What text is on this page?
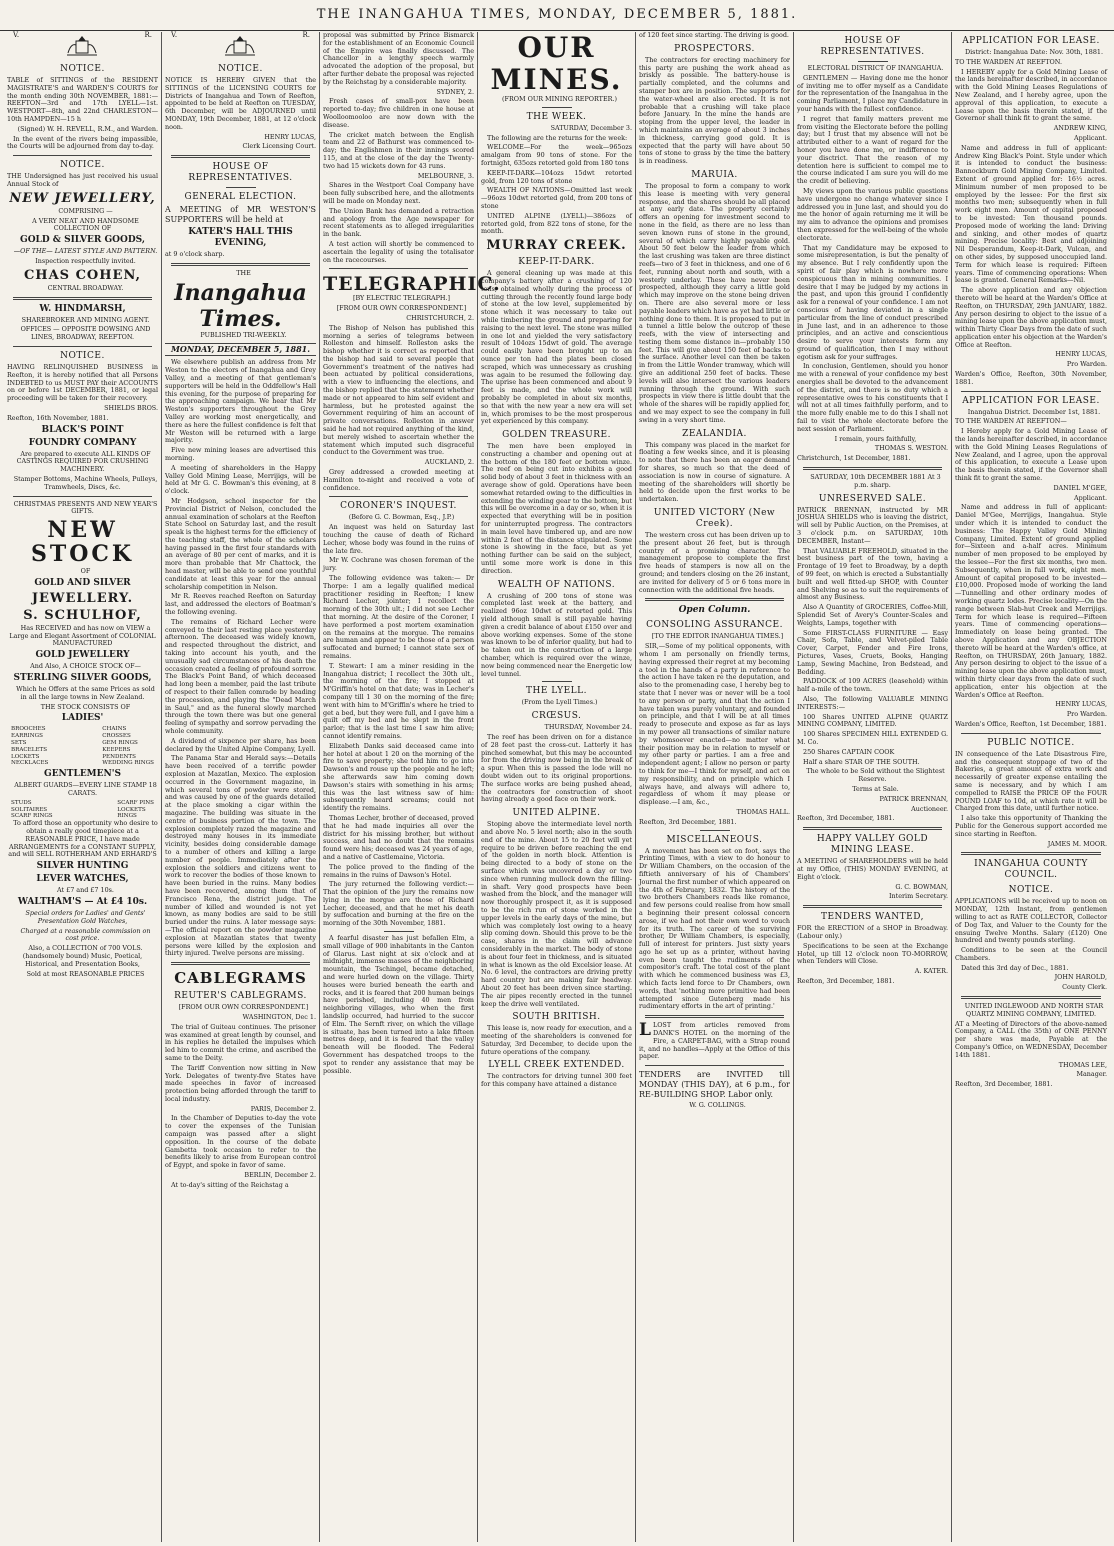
THE INANGAHUA TIMES, MONDAY, DECEMBER 5, 1881.
V.	R.
NOTICE.

TABLE of SITTINGS of the RESIDENT MAGISTRATE'S and WARDEN'S COURTS for the month ending 30th NOVEMBER, 1881:— REEFTON—3rd and 17th LYELL—1st. WESTPORT—8th, and 22nd CHARLESTON—10th HAMPDEN—15 h

(Signed) W. H. REVELL, R.M., and Warden.

In the event of the rivers being impassible, the Courts will be adjourned from day to-day.

NOTICE.

THE Undersigned has just received his usual Annual Stock of

NEW JEWELLERY,

COMPRISING —

A VERY NEAT AND HANDSOME COLLECTION OF

GOLD & SILVER GOODS,

—OF THE— LATEST STYLE AND PATTERN.

Inspection respectfully invited.

CHAS COHEN,

CENTRAL BROADWAY.

W. HINDMARSH,

SHAREBROKER AND MINING AGENT.

OFFICES — OPPOSITE DOWSING AND LINES, BROADWAY, REEFTON.

NOTICE.

HAVING RELINQUISHED BUSINESS in Reefton, it is hereby notified that all Persons INDEBTED to us MUST PAY their ACCOUNTS on or before 1st DECEMBER, 1881, or legal proceeding will be taken for their recovery.

SHIELDS BROS.

Reefton, 16th November, 1881.

BLACK'S POINT
FOUNDRY COMPANY

Are prepared to execute ALL KINDS OF CASTINGS REQUIRED FOR CRUSHING MACHINERY.

Stamper Bottoms, Machine Wheels, Pulleys, Tramwheels, Discs, &c.

CHRISTMAS PRESENTS AND NEW YEAR'S GIFTS.

NEW STOCK

OF

GOLD AND SILVER
JEWELLERY.
S. SCHULHOF,

Has RECEIVED and has now on VIEW a Large and Elegant Assortment of COLONIAL MANUFACTURED

GOLD JEWELLERY

And Also, A CHOICE STOCK OF—

STERLING SILVER GOODS,

Which he Offers at the same Prices as sold in all the large towns in New Zealand.

THE STOCK CONSISTS OF

LADIES'
BROOCHES
EARRINGS
SETS
BRACELETS
LOCKETS
NECKLACES
CHAINS
CROSSES
GEM RINGS
KEEPERS
PENDENTS
WEDDING RINGS
GENTLEMEN'S

ALBERT GUARDS—EVERY LINE STAMP 18 CARATS.

STUDS
SOLITAIRES
SCARF RINGS
SCARF PINS
LOCKETS
RINGS

To afford those an opportunity who desire to obtain a really good timepiece at a REASONABLE PRICE, I have made ARRANGEMENTS for a CONSTANT SUPPLY, and will SELL ROTHERHAM AND ERHARD'S

SILVER HUNTING
LEVER WATCHES,

At £7 and £7 10s.

WALTHAM'S — At £4 10s.

Special orders for Ladies' and Gents' Presentation Gold Watches,

Charged at a reasonable commission on cost price.

Also, a COLLECTION of 700 VOLS. (handsomely bound) Music, Poetical, Historical, and Presentation Books,

Sold at most REASONABLE PRICES

V.	R.
NOTICE.

NOTICE IS HEREBY GIVEN that the SITTINGS of the LICENSING COURTS for Districts of Inangahua and Town of Reefton, appointed to be held at Reefton on TUESDAY, 6th December, will be ADJOURNED until MONDAY, 19th December, 1881, at 12 o'clock noon.

HENRY LUCAS,

Clerk Licensing Court.

HOUSE OF REPRESENTATIVES.
GENERAL ELECTION.

A MEETING of MR WESTON'S SUPPORTERS will be held at

KATER'S HALL THIS EVENING,

at 9 o'clock sharp.

THE

Inangahua Times.

PUBLISHED TRI-WEEKLY.

MONDAY, DECEMBER 5, 1881.

We elsewhere publish an address from Mr Weston to the electors of Inangahua and Grey Valley, and a meeting of that gentleman's supporters will be held in the Oddfellow's Hall this evening, for the purpose of preparing for the approaching campaign. We hear that Mr Weston's supporters throughout the Grey Valley are working most energetically, and there as here the fullest confidence is felt that Mr Weston will be returned with a large majority.

Five new mining leases are advertised this morning.

A meeting of shareholders in the Happy Valley Gold Mining Lease, Merrijigs, will be held at Mr G. C. Bowman's this evening, at 8 o'clock.

Mr Hodgson, school inspector for the Provincial District of Nelson, concluded the annual examination of scholars at the Reefton State School on Saturday last, and the result speak is the highest terms for the efficiency of the teaching staff, the whole of the scholars having passed in the first four standards with an average of 80 per cent of marks, and it is more than probable that Mr Chattock, the head master, will be able to send one youthful candidate at least this year for the annual scholarship competition in Nelson.

Mr R. Reeves reached Reefton on Saturday last, and addressed the electors of Boatman's the following evening.

The remains of Richard Lecher were conveyed to their last resting place yesterday afternoon. The deceased was widely known, and respected throughout the district, and taking into account his youth, and the unusually sad circumstances of his death the occasion created a feeling of profound sorrow. The Black's Point Band, of which deceased had long been a member, paid the last tribute of respect to their fallen comrade by heading the procession, and playing the "Dead March in Saul," and as the funeral slowly marched through the town there was but one general feeling of sympathy and sorrow pervading the whole community.

A dividend of sixpence per share, has been declared by the United Alpine Company, Lyell.

The Panama Star and Herald says:—Details have been received of a terrific powder explosion at Mazatlan, Mexico. The explosion occurred in the Government magazine, in which several tons of powder were stored, and was caused by one of the guards detailed at the place smoking a cigar within the magazine. The building was situate in the centre of business portion of the town. The explosion completely razed the magazine and destroyed many houses in its immediate vicinity, besides doing considerable damage to a number of others and killing a large number of people. Immediately after the explosion the soldiers and citizens went to work to recover the bodies of those known to have been buried in the ruins. Many bodies have been recovered, among them that of Francisco Rena, the district judge. The number of killed and wounded is not yet known, as many bodies are said to be still buried under the ruins. A later message says:—The official report on the powder magazine explosion at Mazatlan states that twenty persons were killed by the explosion and thirty injured. Twelve persons are missing.

CABLEGRAMS
REUTER'S CABLEGRAMS.

[FROM OUR OWN CORRESPONDENT.]

WASHINGTON, Dec 1.

The trial of Guiteau continues. The prisoner was examined at great length by counsel, and in his replies he detailed the impulses which led him to commit the crime, and ascribed the same to the Deity.

The Tariff Convention now sitting in New York. Delegates of twenty-five States have made speeches in favor of increased protection being afforded through the tariff to local industry.

PARIS, December 2.

In the Chamber of Deputies to-day the vote to cover the expenses of the Tunisian campaign was passed after a slight opposition. In the course of the debate Gambetta took occasion to refer to the benefits likely to arise from European control of Egypt, and spoke in favor of same.

BERLIN, December 2.

At to-day's sitting of the Reichstag a

proposal was submitted by Prince Bismarck for the establishment of an Economic Council of the Empire was finally discussed. The Chancellor in a lengthy speech warmly advocated the adoption of the proposal, but after further debate the proposal was rejected by the Reichstag by a considerable majority.

SYDNEY, 2.

Fresh cases of small-pox have been reported to-day; five children in one house at Woolloomooloo are now down with the disease.

The cricket match between the English team and 22 of Bathurst was commenced to-day; the Englishmen in their innings scored 115, and at the close of the day the Twenty-two had 15 wickets down for 43 runs.

MELBOURNE, 3.

Shares in the Westport Coal Company have been fully subscribed here, and the allotments will be made on Monday next.

The Union Bank has demanded a retraction and apology from the Age newspaper for recent statements as to alleged irregularities in the bank.

A test action will shortly be commenced to ascertain the legality of using the totalisator on the racecourses.

TELEGRAPHIC.

[BY ELECTRIC TELEGRAPH.]

[FROM OUR OWN CORRESPONDENT.]

CHRISTCHURCH, 2.

The Bishop of Nelson has published this morning a series of telegrams between Rolleston and himself. Rolleston asks the bishop whether it is correct as reported that the bishop had said to several people that Government's treatment of the natives had been actuated by political considerations, with a view to influencing the elections, and the bishop replied that the statement whether made or not appeared to him self evident and harmless, but he protested against the Government requiring of him an account of private conversations. Rolleston in answer said he had not required anything of the kind, but merely wished to ascertain whether the statement which imputed such disgraceful conduct to the Government was true.

AUCKLAND, 2.

Grey addressed a crowded meeting at Hamilton to-night and received a vote of confidence.

CORONER'S INQUEST.

(Before G. C. Bowman, Esq., J.P.)

An inquest was held on Saturday last touching the cause of death of Richard Lecher, whose body was found in the ruins of the late fire.

Mr W. Cochrane was chosen foreman of the jury.

The following evidence was taken:— Dr Thorpe: I am a legally qualified medical practitioner residing in Reefton; I knew Richard Lecher, jointer; I recollect the morning of the 30th ult.; I did not see Lecher that morning. At the desire of the Coroner, I have performed a post mortem examination on the remains at the morgue. The remains are human and appear to be those of a person suffocated and burned; I cannot state sex of remains.

T. Stewart: I am a miner residing in the Inangahua district; I recollect the 30th ult., the morning of the fire; I stopped at M'Griffin's hotel on that date; was in Lecher's company till 1 30 on the morning of the fire; went with him to M'Griffin's where he tried to get a bed, but they were full, and I gave him a quilt off my bed and he slept in the front parlor; that is the last time I saw him alive; cannot identify remains.

Elizabeth Danks said deceased came into her hotel at about 1 20 on the morning of the fire to save property; she told him to go into Dawson's and rouse up the people and he left; she afterwards saw him coming down Dawson's stairs with something in his arms; this was the last witness saw of him: subsequently heard screams; could not identify the remains.

Thomas Lecher, brother of deceased, proved that he had made inquiries all over the district for his missing brother, but without success, and had no doubt that the remains found were his; deceased was 24 years of age, and a native of Castlemaine, Victoria.

The police proved to the finding of the remains in the ruins of Dawson's Hotel.

The jury returned the following verdict:—That the opinion of the jury the remains now lying in the morgue are those of Richard Lecher, deceased, and that he met his death by suffocation and burning at the fire on the morning of the 30th November, 1881.

A fearful disaster has just befallen Elm, a small village of 900 inhabitants in the Canton of Glarus. Last night at six o'clock and at midnight, immense masses of the neighboring mountain, the Tschingel, became detached, and were hurled down on the village. Thirty houses were buried beneath the earth and rocks, and it is feared that 200 human beings have perished, including 40 men from neighboring villages, who when the first landslip occurred, had hurried to the succor of Elm. The Sernft river, on which the village is situate, has been turned into a lake fifteen metres deep, and it is feared that the valley beneath will be flooded. The Federal Government has despatched troops to the spot to render any assistance that may be possible.

OUR MINES.

(FROM OUR MINING REPORTER.)

THE WEEK.

SATURDAY, December 3.

The following are the returns for the week:

WELCOME—For the week—965ozs amalgam from 90 tons of stone. For the fortnight, 635ozs retorted gold from 180 tons

KEEP-IT-DARK—104ozs 15dwt retorted gold, from 120 tons of stone

WEALTH OF NATIONS—Omitted last week—96ozs 10dwt retorted gold, from 200 tons of stone

UNITED ALPINE (LYELL)—386ozs of retorted gold, from 822 tons of stone, for the month.

MURRAY CREEK.
KEEP-IT-DARK.

A general cleaning up was made at this company's battery after a crushing of 120 tons, obtained wholly during the process of cutting through the recently found large body of stone at the low level, supplemented by stone which it was necessary to take out while timbering the ground and preparing for raising to the next level. The stone was milled in one lot and yielded the very satisfactory result of 104ozs 15dwt of gold. The average could easily have been brought up to an ounce per ton had the plates been closed scraped, which was unnecessary as crushing was again to be resumed the following day. The uprise has been commenced and about 9 feet is made, and the whole work will probably be completed in about six months, so that with the new year a new era will set in, which promises to be the most prosperous yet experienced by this company.

GOLDEN TREASURE.

The men have been employed in constructing a chamber and opening out at the bottom of the 180 feet or bottom winze. The reef on being cut into exhibits a good solid body of about 3 feet in thickness with an average show of gold. Operations have been somewhat retarded owing to the difficulties in extending the winding gear to the bottom, but this will be overcome in a day or so, when it is expected that everything will be in position for uninterrupted progress. The contractors in main level have timbered up, and are now within 2 feet of the distance stipulated. Some stone is showing in the face, but as yet nothing further can be said on the subject, until some more work is done in this direction.

WEALTH OF NATIONS.

A crushing of 200 tons of stone was completed last week at the battery, and realized 96oz 10dwt of retorted gold. This yield although small is still payable having given a credit balance of about £150 over and above working expenses. Some of the stone was known to be of inferior quality, but had to be taken out in the construction of a large chamber, which is required over the winze, now being commenced near the Energetic low level tunnel.

THE LYELL.

(From the Lyell Times.)

CRŒSUS.

THURSDAY, November 24.

The reef has been driven on for a distance of 28 feet past the cross-cut. Latterly it has pinched somewhat, but this may be accounted for from the driving now being in the break of a spur. When this is passed the lode will no doubt widen out to its original proportions. The surface works are being pushed ahead, the contractors for construction of shoot having already a good face on their work.

UNITED ALPINE.

Stoping above the intermediate level north and above No. 5 level north; also in the south end of the mine. About 15 to 20 feet will yet require to be driven before reaching the end of the golden in north block. Attention is being directed to a body of stone on the surface which was uncovered a day or two since when running mullock down the filling-in shaft. Very good prospects have been washed from the block, and the manager will now thoroughly prospect it, as it is supposed to be the rich run of stone worked in the upper levels in the early days of the mine, but which was completely lost owing to a heavy slip coming down. Should this prove to be the case, shares in the claim will advance considerably in the market. The body of stone is about four feet in thickness, and is situated in what is known as the old Excelsior lease. At No. 6 level, the contractors are driving pretty hard country but are making fair headway. About 20 feet has been driven since starting. The air pipes recently erected in the tunnel keep the drive well ventilated.

SOUTH BRITISH.

This lease is, now ready for execution, and a meeting of the shareholders is convened for Saturday, 3rd December, to decide upon the future operations of the company.

LYELL CREEK EXTENDED.

The contractors for driving tunnel 300 feet for this company have attained a distance

of 120 feet since starting. The driving is good.

PROSPECTORS.

The contractors for erecting machinery for this party are pushing the work ahead as briskly as possible. The battery-house is partially completed, and the columns and stamper box are in position. The supports for the water-wheel are also erected. It is not probable that a crushing will take place before January. In the mine the hands are stoping from the upper level, the leader in which maintains an average of about 3 inches in thickness, carrying good gold. It is expected that the party will have about 50 tons of stone to grass by the time the battery is in readiness.

MARUIA.

The proposal to form a company to work this lease is meeting with very general response, and the shares should be all placed at any early date. The property certainly offers an opening for investment second to none in the field, as there are no less than seven known runs of stone in the ground, several of which carry highly payable gold. About 50 feet below the leader from which the last crushing was taken are three distinct reefs—two of 3 feet in thickness, and one of 6 feet, running about north and south, with a westerly underlay. These have never been prospected, although they carry a little gold which may improve on the stone being driven on. There are also several more or less payable leaders which have as yet had little or nothing done to them. It is proposed to put in a tunnel a little below the outcrop of these reefs, with the view of intersecting and testing them some distance in—probably 150 feet. This will give about 150 feet of backs to the surface. Another level can then be taken in from the Little Wonder tramway, which will give an additional 250 feet of backs. These levels will also intersect the various leaders running through the ground. With such prospects in view there is little doubt that the whole of the shares will be rapidly applied for, and we may expect to see the company in full swing in a very short time.

ZEALANDIA.

This company was placed in the market for floating a few weeks since, and it is pleasing to note that there has been an eager demand for shares, so much so that the deed of association is now in course of signature. A meeting of the shareholders will shortly be held to decide upon the first works to be undertaken.

UNITED VICTORY (New Creek).

The western cross cut has been driven up to the present about 26 feet, but is through country of a promising character. The management propose to complete the first five heads of stampers is now all on the ground; and tenders closing on the 26 instant, are invited for delivery of 5 or 6 tons more in connection with the additional five heads.

Open Column.
CONSOLING ASSURANCE.

[TO THE EDITOR INANGAHUA TIMES.]

SIR,—Some of my political opponents, with whom I am personally on friendly terms, having expressed their regret at my becoming a tool in the hands of a party in reference to the action I have taken re the deputation, and also to the promenading case, I hereby beg to state that I never was or never will be a tool to any person or party, and that the action I have taken was purely voluntary, and founded on principle, and that I will be at all times ready to prosecute and expose as far as lays in my power all transactions of similar nature by whomsoever enacted—no matter what their position may be in relation to myself or my other party or parties. I am a free and independent agent; I allow no person or party to think for me—I think for myself, and act on my responsibility, and on principle which I always have, and always will adhere to, regardless of whom it may please or displease.—I am, &c.,

THOMAS HALL.

Reefton, 3rd December, 1881.

MISCELLANEOUS.

A movement has been set on foot, says the Printing Times, with a view to do honour to Dr William Chambers, on the occasion of the fiftieth anniversary of his of Chambers' Journal the first number of which appeared on the 4th of February, 1832. The history of the two brothers Chambers reads like romance, and few persons could realise from how small a beginning their present colossal concern arose, if we had not their own word to vouch for its truth. The career of the surviving brother, Dr William Chambers, is especially, full of interest for printers. Just sixty years ago he set up as a printer, without having even been taught the rudiments of the compositor's craft. The total cost of the plant with which he commenced business was £3, which facts lend force to Dr Chambers, own words, that 'nothing more primitive had been attempted since Gutenberg made his rudimentary efforts in the art of printing.'

LLOST from articles removed from DANK'S HOTEL on the morning of the Fire, a CARPET-BAG, with a Strap round it, and no handles—Apply at the Office of this paper.

TENDERS are INVITED till MONDAY (THIS DAY), at 6 p.m., for RE-BUILDING SHOP. Labor only.

W. G. COLLINGS.

HOUSE OF REPRESENTATIVES.

ELECTORAL DISTRICT OF INANGAHUA.

GENTLEMEN — Having done me the honor of inviting me to offer myself as a Candidate for the representation of the Inangahua in the coming Parliament, I place my Candidature in your hands with the fullest confidence.

I regret that family matters prevent me from visiting the Electorate before the polling day; but I trust that my absence will not be attributed either to a want of regard for the honor you have done me, or indifference to your disctrict. That the reason of my detention here is sufficient to compel me to the course indicated I am sure you will do me the credit of believing.

My views upon the various public questions have undergone no change whatever since I addressed you in June last, and should you do me the honor of again returning me it will be my aim to advance the opinions and promises then expressed for the well-being of the whole electorate.

That my Candidature may be exposed to some misrepresentation, is but the penalty of my absence. But I rely confidently upon the spirit of fair play which is nowhere more conspicuous than in mining communities. I desire that I may be judged by my actions in the past, and upon this ground I confidently ask for a renewal of your confidence. I am not conscious of having deviated in a single particular from the line of conduct prescribed in June last, and in an adherence to those principles, and an active and conscientious desire to serve your interests form any ground of qualification, then I may without egotism ask for your suffrages.

In conclusion, Gentlemen, should you honor me with a renewal of your confidence my best energies shall be devoted to the advancement of the district, and there is no duty which a representative owes to his constituents that I will not at all times faithfully perform, and to the more fully enable me to do this I shall not fail to visit the whole electorate before the next session of Parliament.

I remain, yours faithfully,

THOMAS S. WESTON.

Christchurch, 1st December, 1881.

SATURDAY, 10th DECEMBER 1881 At 3 p.m. sharp.

UNRESERVED SALE.

PATRICK BRENNAN, instructed by MR JOSHUA SHIELDS who is leaving the district, will sell by Public Auction, on the Premises, at 3 o'clock p.m. on SATURDAY, 10th DECEMBER, Instant—

That VALUABLE FREEHOLD, situated in the best business part of the town, having a Frontage of 19 feet to Broadway, by a depth of 99 feet, on which is erected a Substantially built and well fitted-up SHOP, with Counter and Shelving so as to suit the requirements of almost any Business.

Also A Quantity of GROCERIES, Coffee-Mill, Splendid Set of Avery's Counter-Scales and Weights, Lamps, together with

Some FIRST-CLASS FURNITURE — Easy Chair, Sofa, Table, and Velvet-piled Table Cover, Carpet, Fender and Fire Irons, Pictures, Vases, Cruets, Books, Hanging Lamp, Sewing Machine, Iron Bedstead, and Bedding.

PADDOCK of 109 ACRES (leasehold) within half a-mile of the town.

Also, The following VALUABLE MINING INTERESTS:—

100 Shares UNITED ALPINE QUARTZ MINING COMPANY, LIMITED.

100 Shares SPECIMEN HILL EXTENDED G. M. Co.

250 Shares CAPTAIN COOK

Half a share STAR OF THE SOUTH.

The whole to be Sold without the Slightest Reserve.

Terms at Sale.

PATRICK BRENNAN,

Auctioneer.

Reefton, 3rd December, 1881.

HAPPY VALLEY GOLD MINING LEASE.

A MEETING of SHAREHOLDERS will be held at my Office, (THIS) MONDAY EVENING, at Eight o'clock.

G. C. BOWMAN,

Interim Secretary.

TENDERS WANTED,

FOR the ERECTION of a SHOP in Broadway. (Labour only.)

Specifications to be seen at the Exchange Hotel, up till 12 o'clock noon TO-MORROW, when Tenders will Close.

A. KATER.

Reefton, 3rd December, 1881.

APPLICATION FOR LEASE.

District: Inangahua Date: Nov. 30th, 1881.

TO THE WARDEN AT REEFTON.

I HEREBY apply for a Gold Mining Lease of the lands hereinafter described, in accordance with the Gold Mining Leases Regulations of New Zealand, and I hereby agree, upon the approval of this application, to execute a Lease upon the basis therein stated, if the Governor shall think fit to grant the same.

ANDREW KING,

Applicant.

Name and address in full of applicant: Andrew King Black's Point. Style under which it is intended to conduct the business: Bannockburn Gold Mining Company, Limited. Extent of ground applied for: 16½ acres. Minimum number of men proposed to be employed by the lessee: For the first six months two men; subsequently when in full work eight men. Amount of capital proposed to be invested: Ten thousand pounds. Proposed mode of working the land: Driving and sinking, and other modes of quartz mining. Precise locality: Best and adjoining Nil Desperandum, Keep-it-Dark, Vulcan, and on other sides, by supposed unoccupied land. Term for which lease is required: Fifteen years. Time of commencing operations: When lease is granted. General Remarks—Nil.

The above application and any objection thereto will be heard at the Warden's Office at Reefton, on THURSDAY, 29th JANUARY, 1882. Any person desiring to object to the issue of a mining lease upon the above application must, within Thirty Clear Days from the date of such application enter his objection at the Warden's Office at Reefton.

HENRY LUCAS,

Pro Warden.

Warden's Office, Reefton, 30th November, 1881.

APPLICATION FOR LEASE.

Inangahua District. December 1st, 1881.

TO THE WARDEN AT REEFTON—

I Hereby apply for a Gold Mining Lease of the lands hereinafter described, in accordance with the Gold Mining Leases Regulations of New Zealand, and I agree, upon the approval of this application, to execute a Lease upon the basis therein stated, if the Governor shall think fit to grant the same.

DANIEL M'GEE,

Applicant.

Name and address in full of applicant: Daniel M'Gee, Merrijigs, Inangahua. Style under which it is intended to conduct the business: The Happy Valley Gold Mining Company, Limited. Extent of ground applied for—Sixteen and a-half acres. Minimum number of men proposed to be employed by the lessee—For the first six months, two men. Subsequently, when in full work, eight men. Amount of capital proposed to be invested—£10,000. Proposed mode of working the land—Tunnelling and other ordinary modes of working quartz lodes. Precise locality—On the range between Slab-hut Creek and Merrijigs. Term for which lease is required—Fifteen years. Time of commencing operations—Immediately on lease being granted. The above Application and any OBJECTION thereto will be heard at the Warden's office, at Reefton, on THURSDAY, 26th January, 1882. Any person desiring to object to the issue of a mining lease upon the above application must, within thirty clear days from the date of such application, enter his objection at the Warden's Office at Reefton.

HENRY LUCAS,

Pro Warden.

Warden's Office, Reefton, 1st December, 1881.

PUBLIC NOTICE.

IN consequence of the Late Disastrous Fire, and the consequent stoppage of two of the Bakeries, a great amount of extra work and necessarily of greater expense entailing the same is necessary, and by which I am compelled to RAISE the PRICE OF the FOUR POUND LOAF to 10d, at which rate it will be Charged from this date, until further notice.

I also take this opportunity of Thanking the Public for the Generous support accorded me since starting in Reefton.

JAMES M. MOOR.

INANGAHUA COUNTY COUNCIL.
NOTICE.

APPLICATIONS will be received up to noon on MONDAY, 12th Instant, from gentlemen willing to act as RATE COLLECTOR, Collector of Dog Tax, and Valuer to the County for the ensuing Twelve Months. Salary (£120) One hundred and twenty pounds sterling.

Conditions to be seen at the Council Chambers.

Dated this 3rd day of Dec., 1881.

JOHN HAROLD,

County Clerk.

UNITED INGLEWOOD AND NORTH STAR QUARTZ MINING COMPANY, LIMITED.

AT a Meeting of Directors of the above-named Company, a CALL (the 35th) of ONE PENNY per share was made, Payable at the Company's Office, on WEDNESDAY, December 14th 1881.

THOMAS LEE,

Manager.

Reefton, 3rd December, 1881.
